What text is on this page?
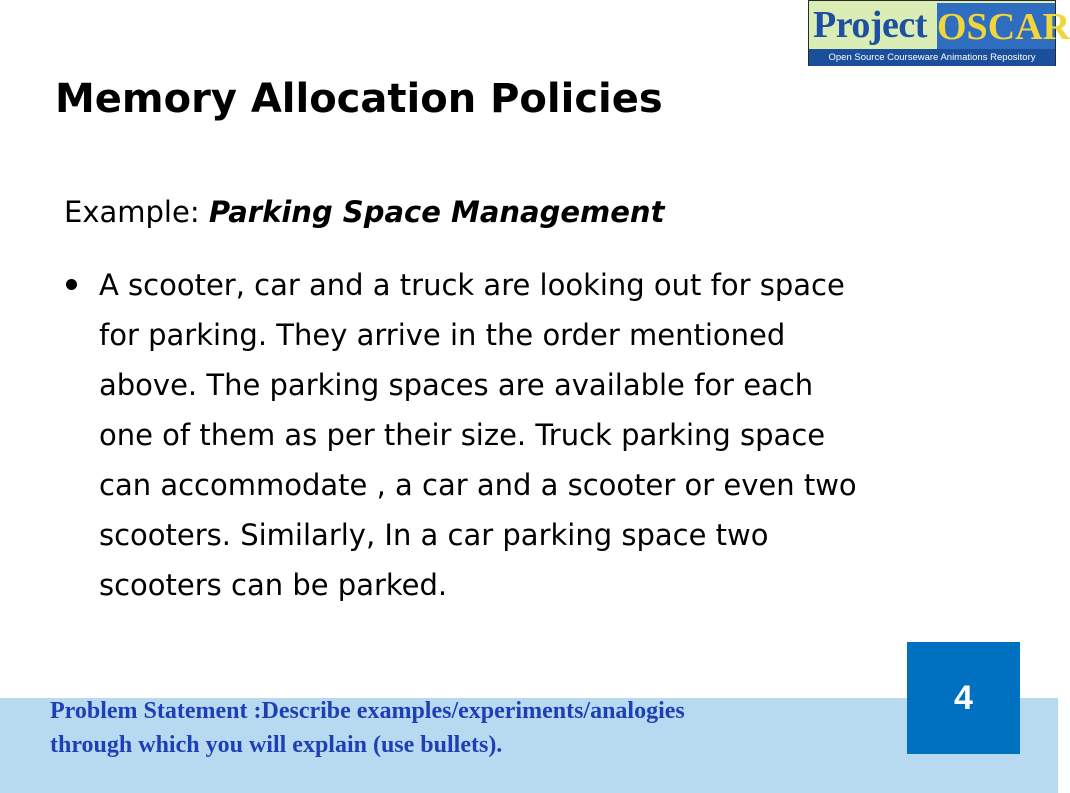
Project OSCAR
Open Source Courseware Animations Repository
Memory Allocation Policies
Example: Parking Space Management
A scooter, car and a truck are looking out for space
for parking. They arrive in the order mentioned
above. The parking spaces are available for each
one of them as per their size. Truck parking space
can accommodate , a car and a scooter or even two
scooters. Similarly, In a car parking space two
scooters can be parked.
Problem Statement :Describe examples/experiments/analogies
through which you will explain (use bullets).
4
